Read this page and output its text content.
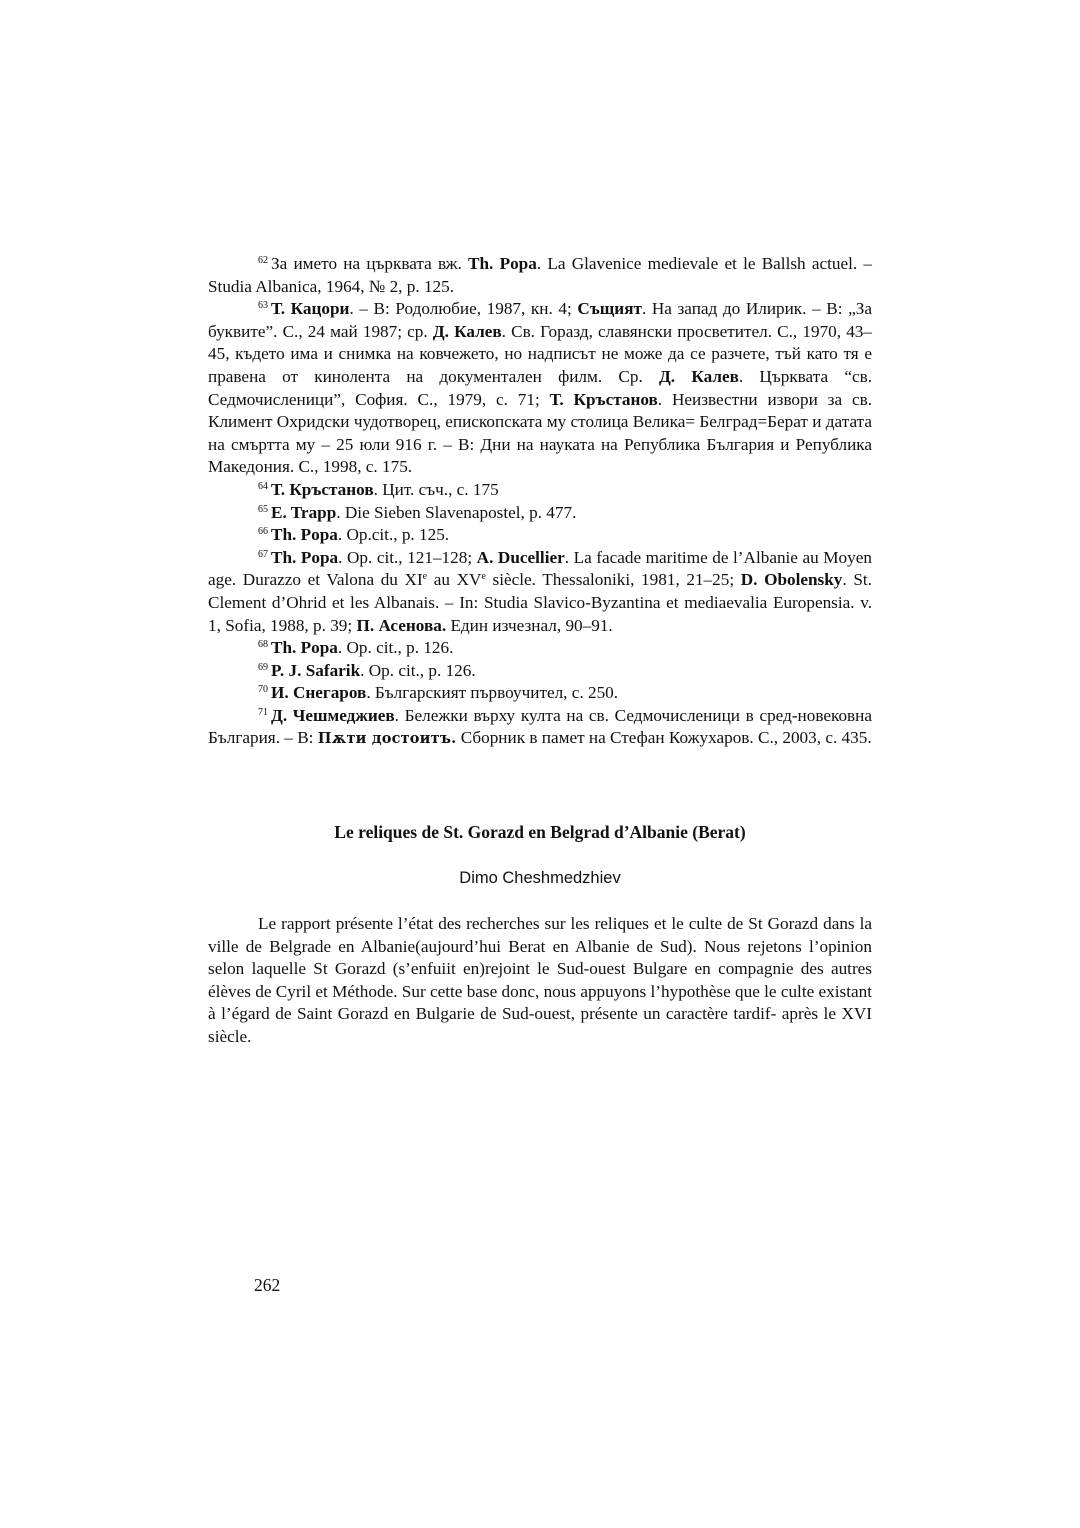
$^{62}$ За името на църквата вж. Th. Popa. La Glavenice medievale et le Ballsh actuel. – Studia Albanica, 1964, № 2, p. 125.

$^{63}$ Т. Кацори. – В: Родолюбие, 1987, кн. 4; Същият. На запад до Илирик. – В: „За буквите”. С., 24 май 1987; ср. Д. Калев. Св. Горазд, славянски просветител. С., 1970, 43–45, където има и снимка на ковчежето, но надписът не може да се разчете, тъй като тя е правена от кинолента на документален филм. Ср. Д. Калев. Църквата “св. Седмочисленици”, София. С., 1979, с. 71; Т. Кръстанов. Неизвестни извори за св. Климент Охридски чудотворец, епископската му столица Велика= Белград=Берат и датата на смъртта му – 25 юли 916 г. – В: Дни на науката на Република България и Република Македония. С., 1998, с. 175.

$^{64}$ Т. Кръстанов. Цит. съч., с. 175

$^{65}$ E. Trapp. Die Sieben Slavenapostel, p. 477.

$^{66}$ Th. Popa. Op.cit., p. 125.

$^{67}$ Th. Popa. Op. cit., 121–128; A. Ducellier. La facade maritime de l’Albanie au Moyen age. Durazzo et Valona du XIe au XVe siècle. Thessaloniki, 1981, 21–25; D. Obolensky. St. Clement d’Ohrid et les Albanais. – In: Studia Slavico-Byzantina et mediaevalia Europensia. v. 1, Sofia, 1988, p. 39; П. Асенова. Един изчезнал, 90–91.

$^{68}$ Th. Popa. Op. cit., p. 126.

$^{69}$ P. J. Safarik. Op. cit., p. 126.

$^{70}$ И. Снегаров. Българският първоучител, с. 250.

$^{71}$ Д. Чешмеджиев. Бележки върху култа на св. Седмочисленици в сред-новековна България. – В: Пѫти достоитъ. Сборник в памет на Стефан Кожухаров. С., 2003, с. 435.

Le reliques de St. Gorazd en Belgrad d’Albanie (Berat)
Dimo Cheshmedzhiev

Le rapport présente l’état des recherches sur les reliques et le culte de St Gorazd dans la ville de Belgrade en Albanie(aujourd’hui Berat en Albanie de Sud). Nous rejetons l’opinion selon laquelle St Gorazd (s’enfuiit en)rejoint le Sud-ouest Bulgare en compagnie des autres élèves de Cyril et Méthode. Sur cette base donc, nous appuyons l’hypothèse que le culte existant à l’égard de Saint Gorazd en Bulgarie de Sud-ouest, présente un caractère tardif- après le XVI siècle.

262
